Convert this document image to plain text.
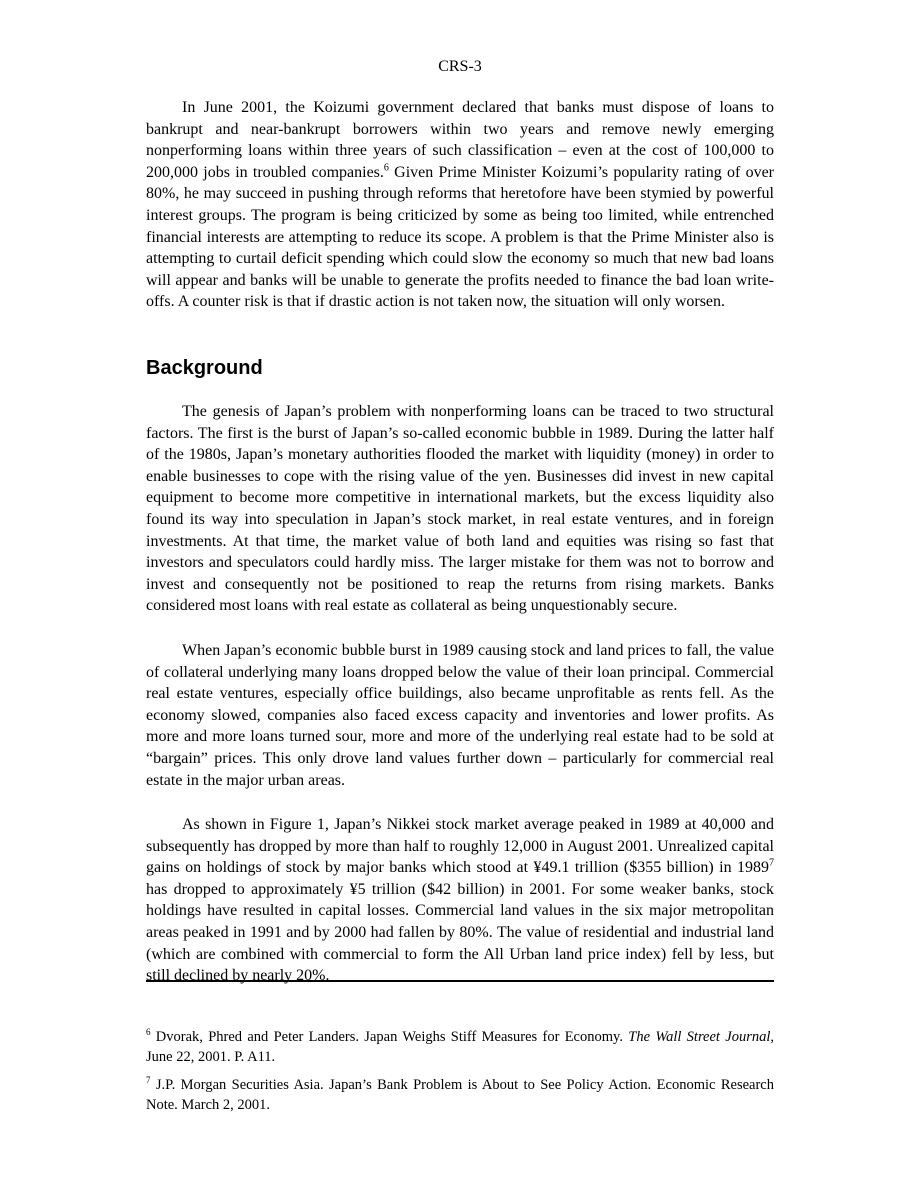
CRS-3

In June 2001, the Koizumi government declared that banks must dispose of loans to bankrupt and near-bankrupt borrowers within two years and remove newly emerging nonperforming loans within three years of such classification – even at the cost of 100,000 to 200,000 jobs in troubled companies.$^6$ Given Prime Minister Koizumi’s popularity rating of over 80%, he may succeed in pushing through reforms that heretofore have been stymied by powerful interest groups. The program is being criticized by some as being too limited, while entrenched financial interests are attempting to reduce its scope. A problem is that the Prime Minister also is attempting to curtail deficit spending which could slow the economy so much that new bad loans will appear and banks will be unable to generate the profits needed to finance the bad loan write-offs. A counter risk is that if drastic action is not taken now, the situation will only worsen.

Background

The genesis of Japan’s problem with nonperforming loans can be traced to two structural factors. The first is the burst of Japan’s so-called economic bubble in 1989. During the latter half of the 1980s, Japan’s monetary authorities flooded the market with liquidity (money) in order to enable businesses to cope with the rising value of the yen. Businesses did invest in new capital equipment to become more competitive in international markets, but the excess liquidity also found its way into speculation in Japan’s stock market, in real estate ventures, and in foreign investments. At that time, the market value of both land and equities was rising so fast that investors and speculators could hardly miss. The larger mistake for them was not to borrow and invest and consequently not be positioned to reap the returns from rising markets. Banks considered most loans with real estate as collateral as being unquestionably secure.

When Japan’s economic bubble burst in 1989 causing stock and land prices to fall, the value of collateral underlying many loans dropped below the value of their loan principal. Commercial real estate ventures, especially office buildings, also became unprofitable as rents fell. As the economy slowed, companies also faced excess capacity and inventories and lower profits. As more and more loans turned sour, more and more of the underlying real estate had to be sold at “bargain” prices. This only drove land values further down – particularly for commercial real estate in the major urban areas.

As shown in Figure 1, Japan’s Nikkei stock market average peaked in 1989 at 40,000 and subsequently has dropped by more than half to roughly 12,000 in August 2001. Unrealized capital gains on holdings of stock by major banks which stood at ¥49.1 trillion ($355 billion) in 1989$^7$ has dropped to approximately ¥5 trillion ($42 billion) in 2001. For some weaker banks, stock holdings have resulted in capital losses. Commercial land values in the six major metropolitan areas peaked in 1991 and by 2000 had fallen by 80%. The value of residential and industrial land (which are combined with commercial to form the All Urban land price index) fell by less, but still declined by nearly 20%.

$^6$ Dvorak, Phred and Peter Landers. Japan Weighs Stiff Measures for Economy. The Wall Street Journal, June 22, 2001. P. A11.

$^7$ J.P. Morgan Securities Asia. Japan’s Bank Problem is About to See Policy Action. Economic Research Note. March 2, 2001.
